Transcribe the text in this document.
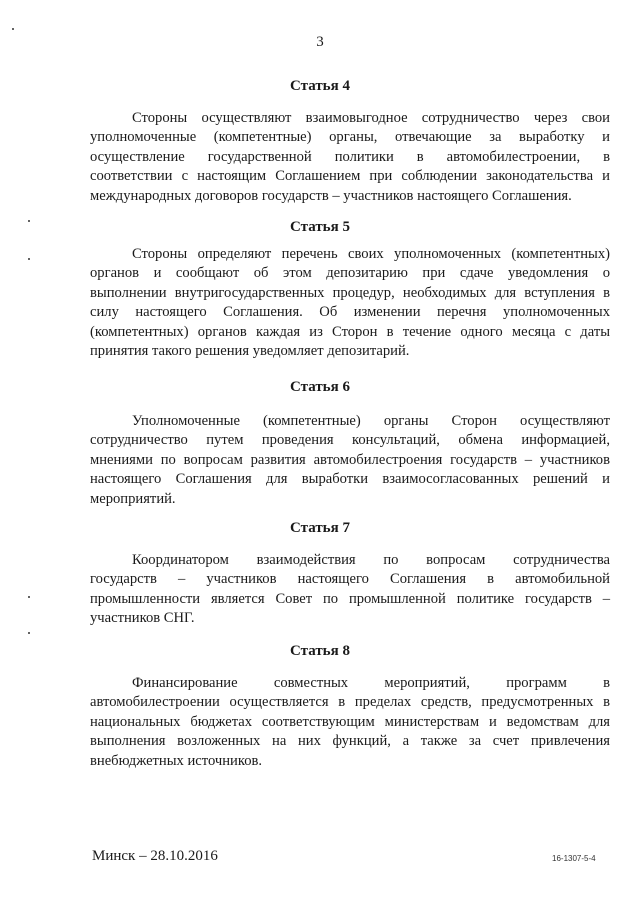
3
Статья 4
Стороны осуществляют взаимовыгодное сотрудничество через свои
уполномоченные (компетентные) органы, отвечающие за выработку и
осуществление государственной политики в автомобилестроении, в
соответствии с настоящим Соглашением при соблюдении законодательства и
международных договоров государств – участников настоящего Соглашения.
Статья 5
Стороны определяют перечень своих уполномоченных (компетентных)
органов и сообщают об этом депозитарию при сдаче уведомления о
выполнении внутригосударственных процедур, необходимых для вступления в
силу настоящего Соглашения. Об изменении перечня уполномоченных
(компетентных) органов каждая из Сторон в течение одного месяца с даты
принятия такого решения уведомляет депозитарий.
Статья 6
Уполномоченные (компетентные) органы Сторон осуществляют
сотрудничество путем проведения консультаций, обмена информацией,
мнениями по вопросам развития автомобилестроения государств – участников
настоящего Соглашения для выработки взаимосогласованных решений и
мероприятий.
Статья 7
Координатором взаимодействия по вопросам сотрудничества
государств – участников настоящего Соглашения в автомобильной
промышленности является Совет по промышленной политике государств –
участников СНГ.
Статья 8
Финансирование совместных мероприятий, программ в
автомобилестроении осуществляется в пределах средств, предусмотренных в
национальных бюджетах соответствующим министерствам и ведомствам для
выполнения возложенных на них функций, а также за счет привлечения
внебюджетных источников.
Минск – 28.10.2016	16-1307-5-4
